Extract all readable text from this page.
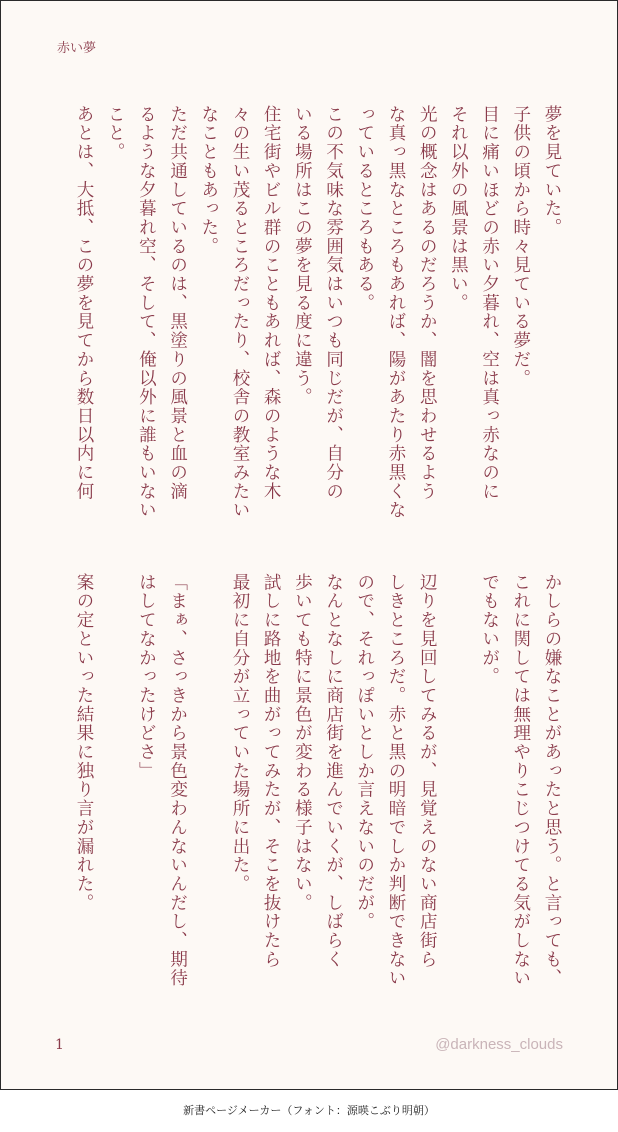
赤い夢
夢を見ていた。
子供の頃から時々見ている夢だ。
目に痛いほどの赤い夕暮れ、空は真っ赤なのに
それ以外の風景は黒い。
光の概念はあるのだろうか、闇を思わせるよう
な真っ黒なところもあれば、陽があたり赤黒くな
っているところもある。
この不気味な雰囲気はいつも同じだが、自分の
いる場所はこの夢を見る度に違う。
住宅街やビル群のこともあれば、森のような木
々の生い茂るところだったり、校舎の教室みたい
なこともあった。
ただ共通しているのは、黒塗りの風景と血の滴
るような夕暮れ空、そして、俺以外に誰もいない
こと。
あとは、大抵、この夢を見てから数日以内に何
かしらの嫌なことがあったと思う。と言っても、
これに関しては無理やりこじつけてる気がしない
でもないが。

辺りを見回してみるが、見覚えのない商店街ら
しきところだ。赤と黒の明暗でしか判断できない
ので、それっぽいとしか言えないのだが。
なんとなしに商店街を進んでいくが、しばらく
歩いても特に景色が変わる様子はない。
試しに路地を曲がってみたが、そこを抜けたら
最初に自分が立っていた場所に出た。

「まぁ、さっきから景色変わんないんだし、期待
はしてなかったけどさ」

案の定といった結果に独り言が漏れた。
1	@darkness_clouds
新書ページメーカー（フォント：源暎こぶり明朝）
